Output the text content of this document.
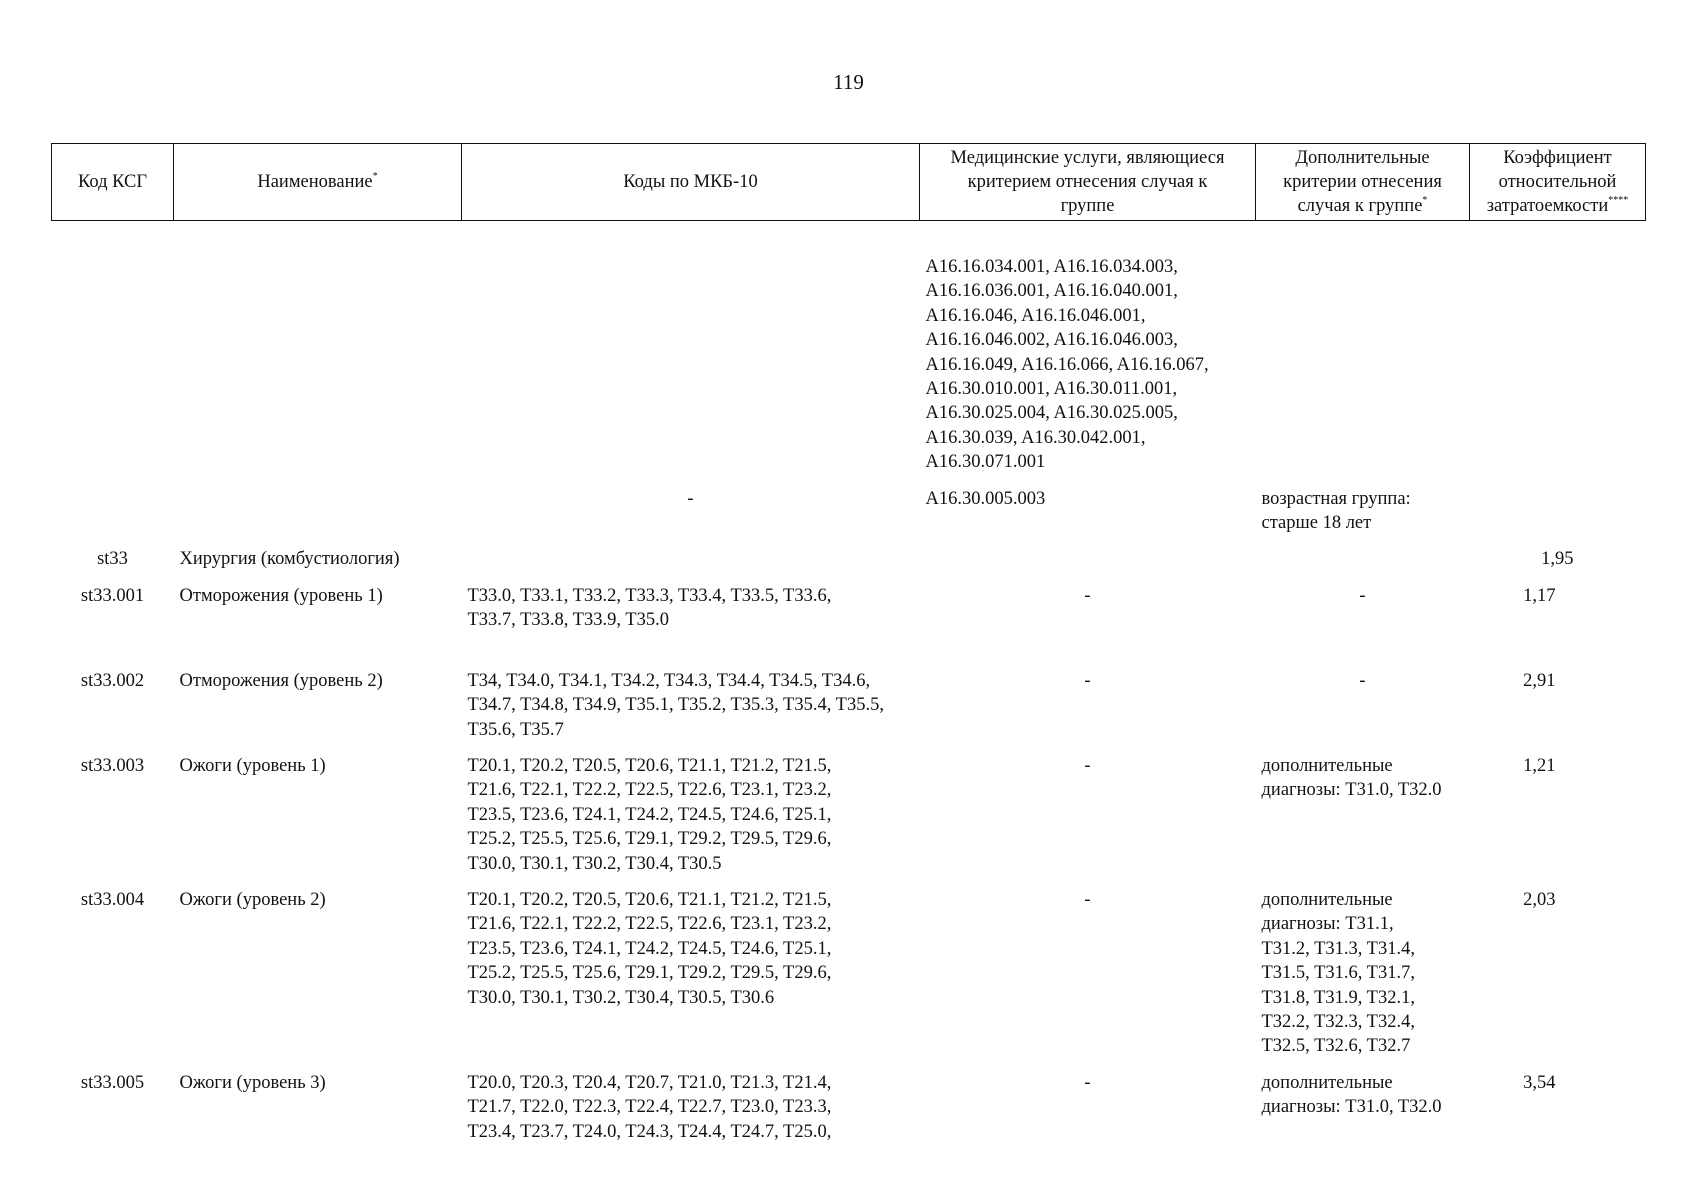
119
Код КСГ	Наименование*	Коды по МКБ-10	Медицинские услуги, являющиеся критерием отнесения случая к группе	Дополнительные критерии отнесения случая к группе*	Коэффициент относительной затратоемкости****

			A16.16.034.001, A16.16.034.003, A16.16.036.001, A16.16.040.001, A16.16.046, A16.16.046.001, A16.16.046.002, A16.16.046.003, A16.16.049, A16.16.066, A16.16.067, A16.30.010.001, A16.30.011.001, A16.30.025.004, A16.30.025.005, A16.30.039, A16.30.042.001, A16.30.071.001		
		-	A16.30.005.003	возрастная группа: старше 18 лет	
st33	Хирургия (комбустиология)				1,95
st33.001	Отморожения (уровень 1)	T33.0, T33.1, T33.2, T33.3, T33.4, T33.5, T33.6, T33.7, T33.8, T33.9, T35.0	-	-	1,17
st33.002	Отморожения (уровень 2)	T34, T34.0, T34.1, T34.2, T34.3, T34.4, T34.5, T34.6, T34.7, T34.8, T34.9, T35.1, T35.2, T35.3, T35.4, T35.5, T35.6, T35.7	-	-	2,91
st33.003	Ожоги (уровень 1)	T20.1, T20.2, T20.5, T20.6, T21.1, T21.2, T21.5, T21.6, T22.1, T22.2, T22.5, T22.6, T23.1, T23.2, T23.5, T23.6, T24.1, T24.2, T24.5, T24.6, T25.1, T25.2, T25.5, T25.6, T29.1, T29.2, T29.5, T29.6, T30.0, T30.1, T30.2, T30.4, T30.5	-	дополнительные диагнозы: T31.0, T32.0	1,21
st33.004	Ожоги (уровень 2)	T20.1, T20.2, T20.5, T20.6, T21.1, T21.2, T21.5, T21.6, T22.1, T22.2, T22.5, T22.6, T23.1, T23.2, T23.5, T23.6, T24.1, T24.2, T24.5, T24.6, T25.1, T25.2, T25.5, T25.6, T29.1, T29.2, T29.5, T29.6, T30.0, T30.1, T30.2, T30.4, T30.5, T30.6	-	дополнительные диагнозы: T31.1, T31.2, T31.3, T31.4, T31.5, T31.6, T31.7, T31.8, T31.9, T32.1, T32.2, T32.3, T32.4, T32.5, T32.6, T32.7	2,03
st33.005	Ожоги (уровень 3)	T20.0, T20.3, T20.4, T20.7, T21.0, T21.3, T21.4, T21.7, T22.0, T22.3, T22.4, T22.7, T23.0, T23.3, T23.4, T23.7, T24.0, T24.3, T24.4, T24.7, T25.0,	-	дополнительные диагнозы: T31.0, T32.0	3,54
